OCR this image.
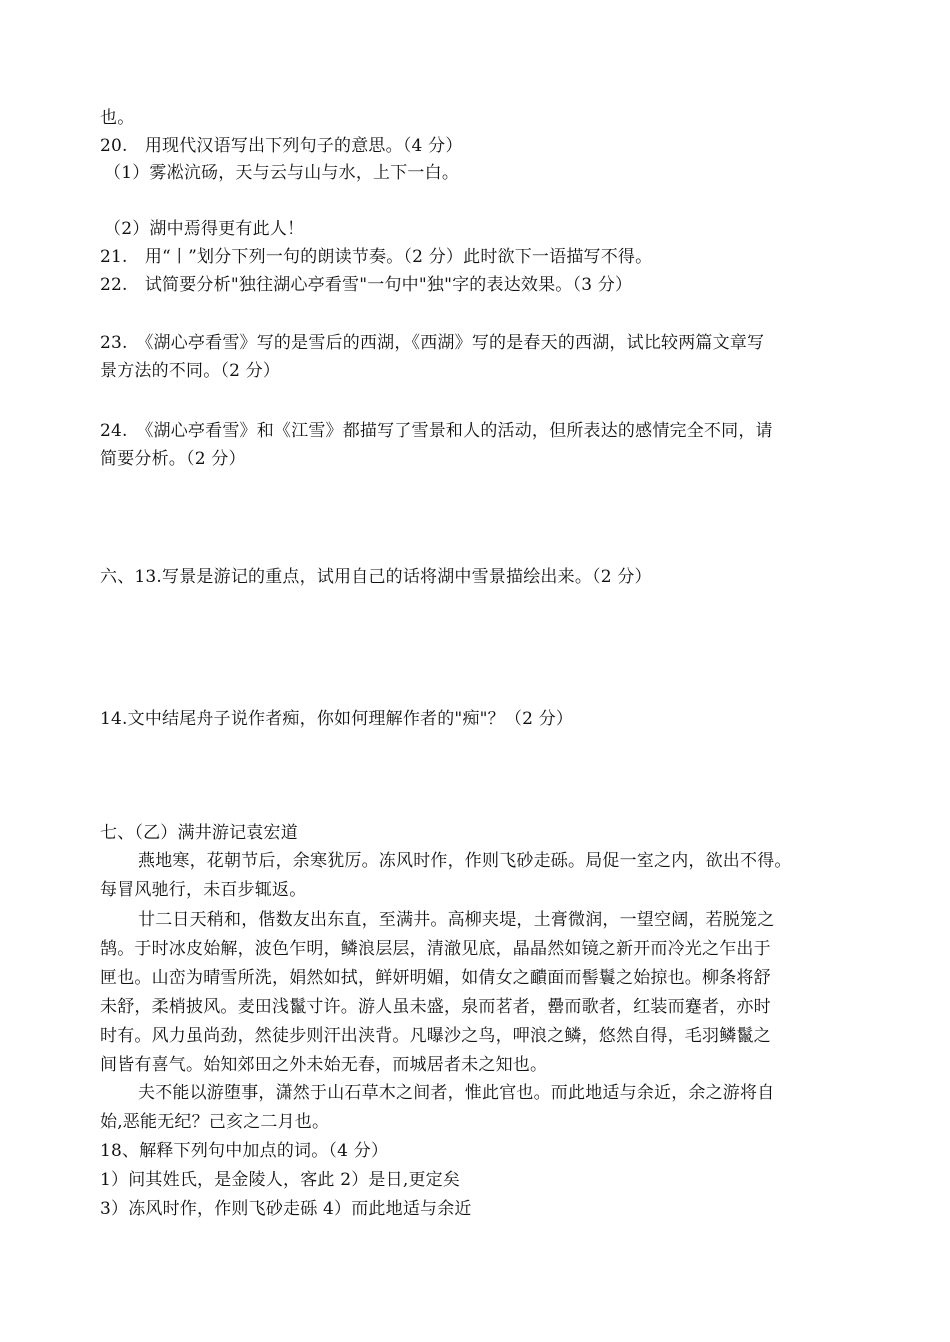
也。
20.　用现代汉语写出下列句子的意思。（4 分）
（1）雾凇沆砀，天与云与山与水，上下一白。
（2）湖中焉得更有此人！
21.　用“丨”划分下列一句的朗读节奏。（2 分）此时欲下一语描写不得。
22.　试简要分析"独往湖心亭看雪"一句中"独"字的表达效果。（3 分）
23.　《湖心亭看雪》写的是雪后的西湖，《西湖》写的是春天的西湖，试比较两篇文章写
景方法的不同。（2 分）
24.　《湖心亭看雪》和《江雪》都描写了雪景和人的活动，但所表达的感情完全不同，请
简要分析。（2 分）
六、13.写景是游记的重点，试用自己的话将湖中雪景描绘出来。（2 分）
14.文中结尾舟子说作者痴，你如何理解作者的"痴"？（2 分）
七、（乙）满井游记袁宏道
燕地寒，花朝节后，余寒犹厉。冻风时作，作则飞砂走砾。局促一室之内，欲出不得。
每冒风驰行，未百步辄返。
廿二日天稍和，偕数友出东直，至满井。高柳夹堤，土膏微润，一望空阔，若脱笼之
鹄。于时冰皮始解，波色乍明，鳞浪层层，清澈见底，晶晶然如镜之新开而冷光之乍出于
匣也。山峦为晴雪所洗，娟然如拭，鲜妍明媚，如倩女之靧面而髻鬟之始掠也。柳条将舒
未舒，柔梢披风。麦田浅鬣寸许。游人虽未盛，泉而茗者，罍而歌者，红装而蹇者，亦时
时有。风力虽尚劲，然徒步则汗出浃背。凡曝沙之鸟，呷浪之鳞，悠然自得，毛羽鳞鬣之
间皆有喜气。始知郊田之外未始无春，而城居者未之知也。
夫不能以游堕事，潇然于山石草木之间者，惟此官也。而此地适与余近，余之游将自
始,恶能无纪？己亥之二月也。
18、解释下列句中加点的词。（4 分）
1）问其姓氏，是金陵人，客此 2）是日,更定矣
3）冻风时作，作则飞砂走砾 4）而此地适与余近
